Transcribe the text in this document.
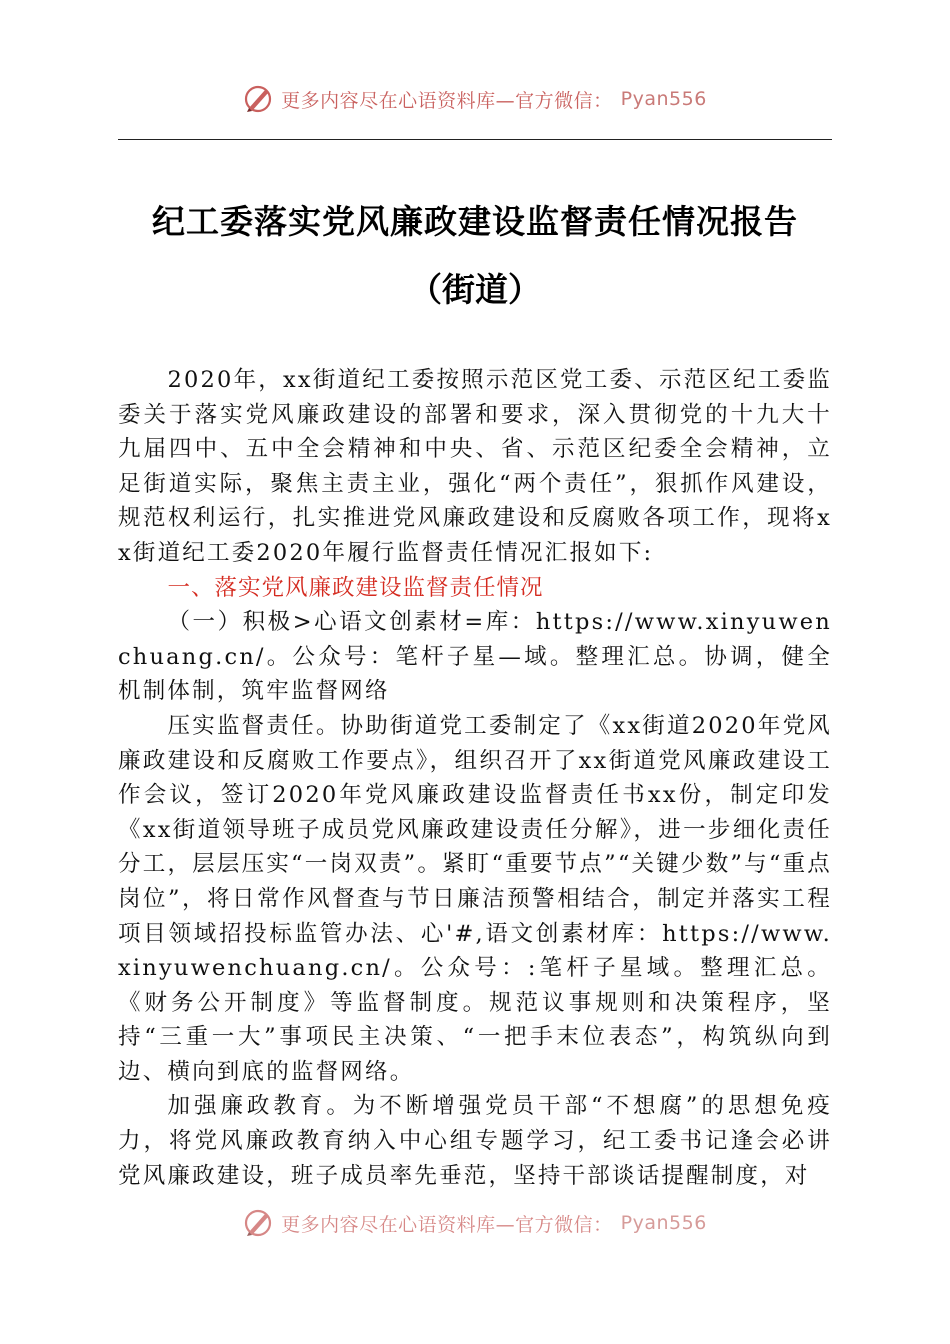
更多内容尽在心语资料库—官方微信： Pyan556
纪工委落实党风廉政建设监督责任情况报告
（街道）

2020年，xx街道纪工委按照示范区党工委、示范区纪工委监委关于落实党风廉政建设的部署和要求，深入贯彻党的十九大十九届四中、五中全会精神和中央、省、示范区纪委全会精神，立足街道实际，聚焦主责主业，强化“两个责任”，狠抓作风建设，规范权利运行，扎实推进党风廉政建设和反腐败各项工作，现将xx街道纪工委2020年履行监督责任情况汇报如下:

一、落实党风廉政建设监督责任情况

（一）积极>心语文创素材=库：https://www.xinyuwenchuang.cn/。公众号：笔杆子星—域。整理汇总。协调，健全机制体制，筑牢监督网络

压实监督责任。协助街道党工委制定了《xx街道2020年党风廉政建设和反腐败工作要点》，组织召开了xx街道党风廉政建设工作会议，签订2020年党风廉政建设监督责任书xx份，制定印发《xx街道领导班子成员党风廉政建设责任分解》，进一步细化责任分工，层层压实“一岗双责”。紧盯“重要节点”“关键少数”与“重点岗位”，将日常作风督查与节日廉洁预警相结合，制定并落实工程项目领域招投标监管办法、心'#,语文创素材库：https://www.xinyuwenchuang.cn/。公众号：:笔杆子星域。整理汇总。《财务公开制度》等监督制度。规范议事规则和决策程序，坚持“三重一大”事项民主决策、“一把手末位表态”，构筑纵向到边、横向到底的监督网络。

加强廉政教育。为不断增强党员干部“不想腐”的思想免疫力，将党风廉政教育纳入中心组专题学习，纪工委书记逢会必讲党风廉政建设，班子成员率先垂范，坚持干部谈话提醒制度，对

更多内容尽在心语资料库—官方微信： Pyan556
